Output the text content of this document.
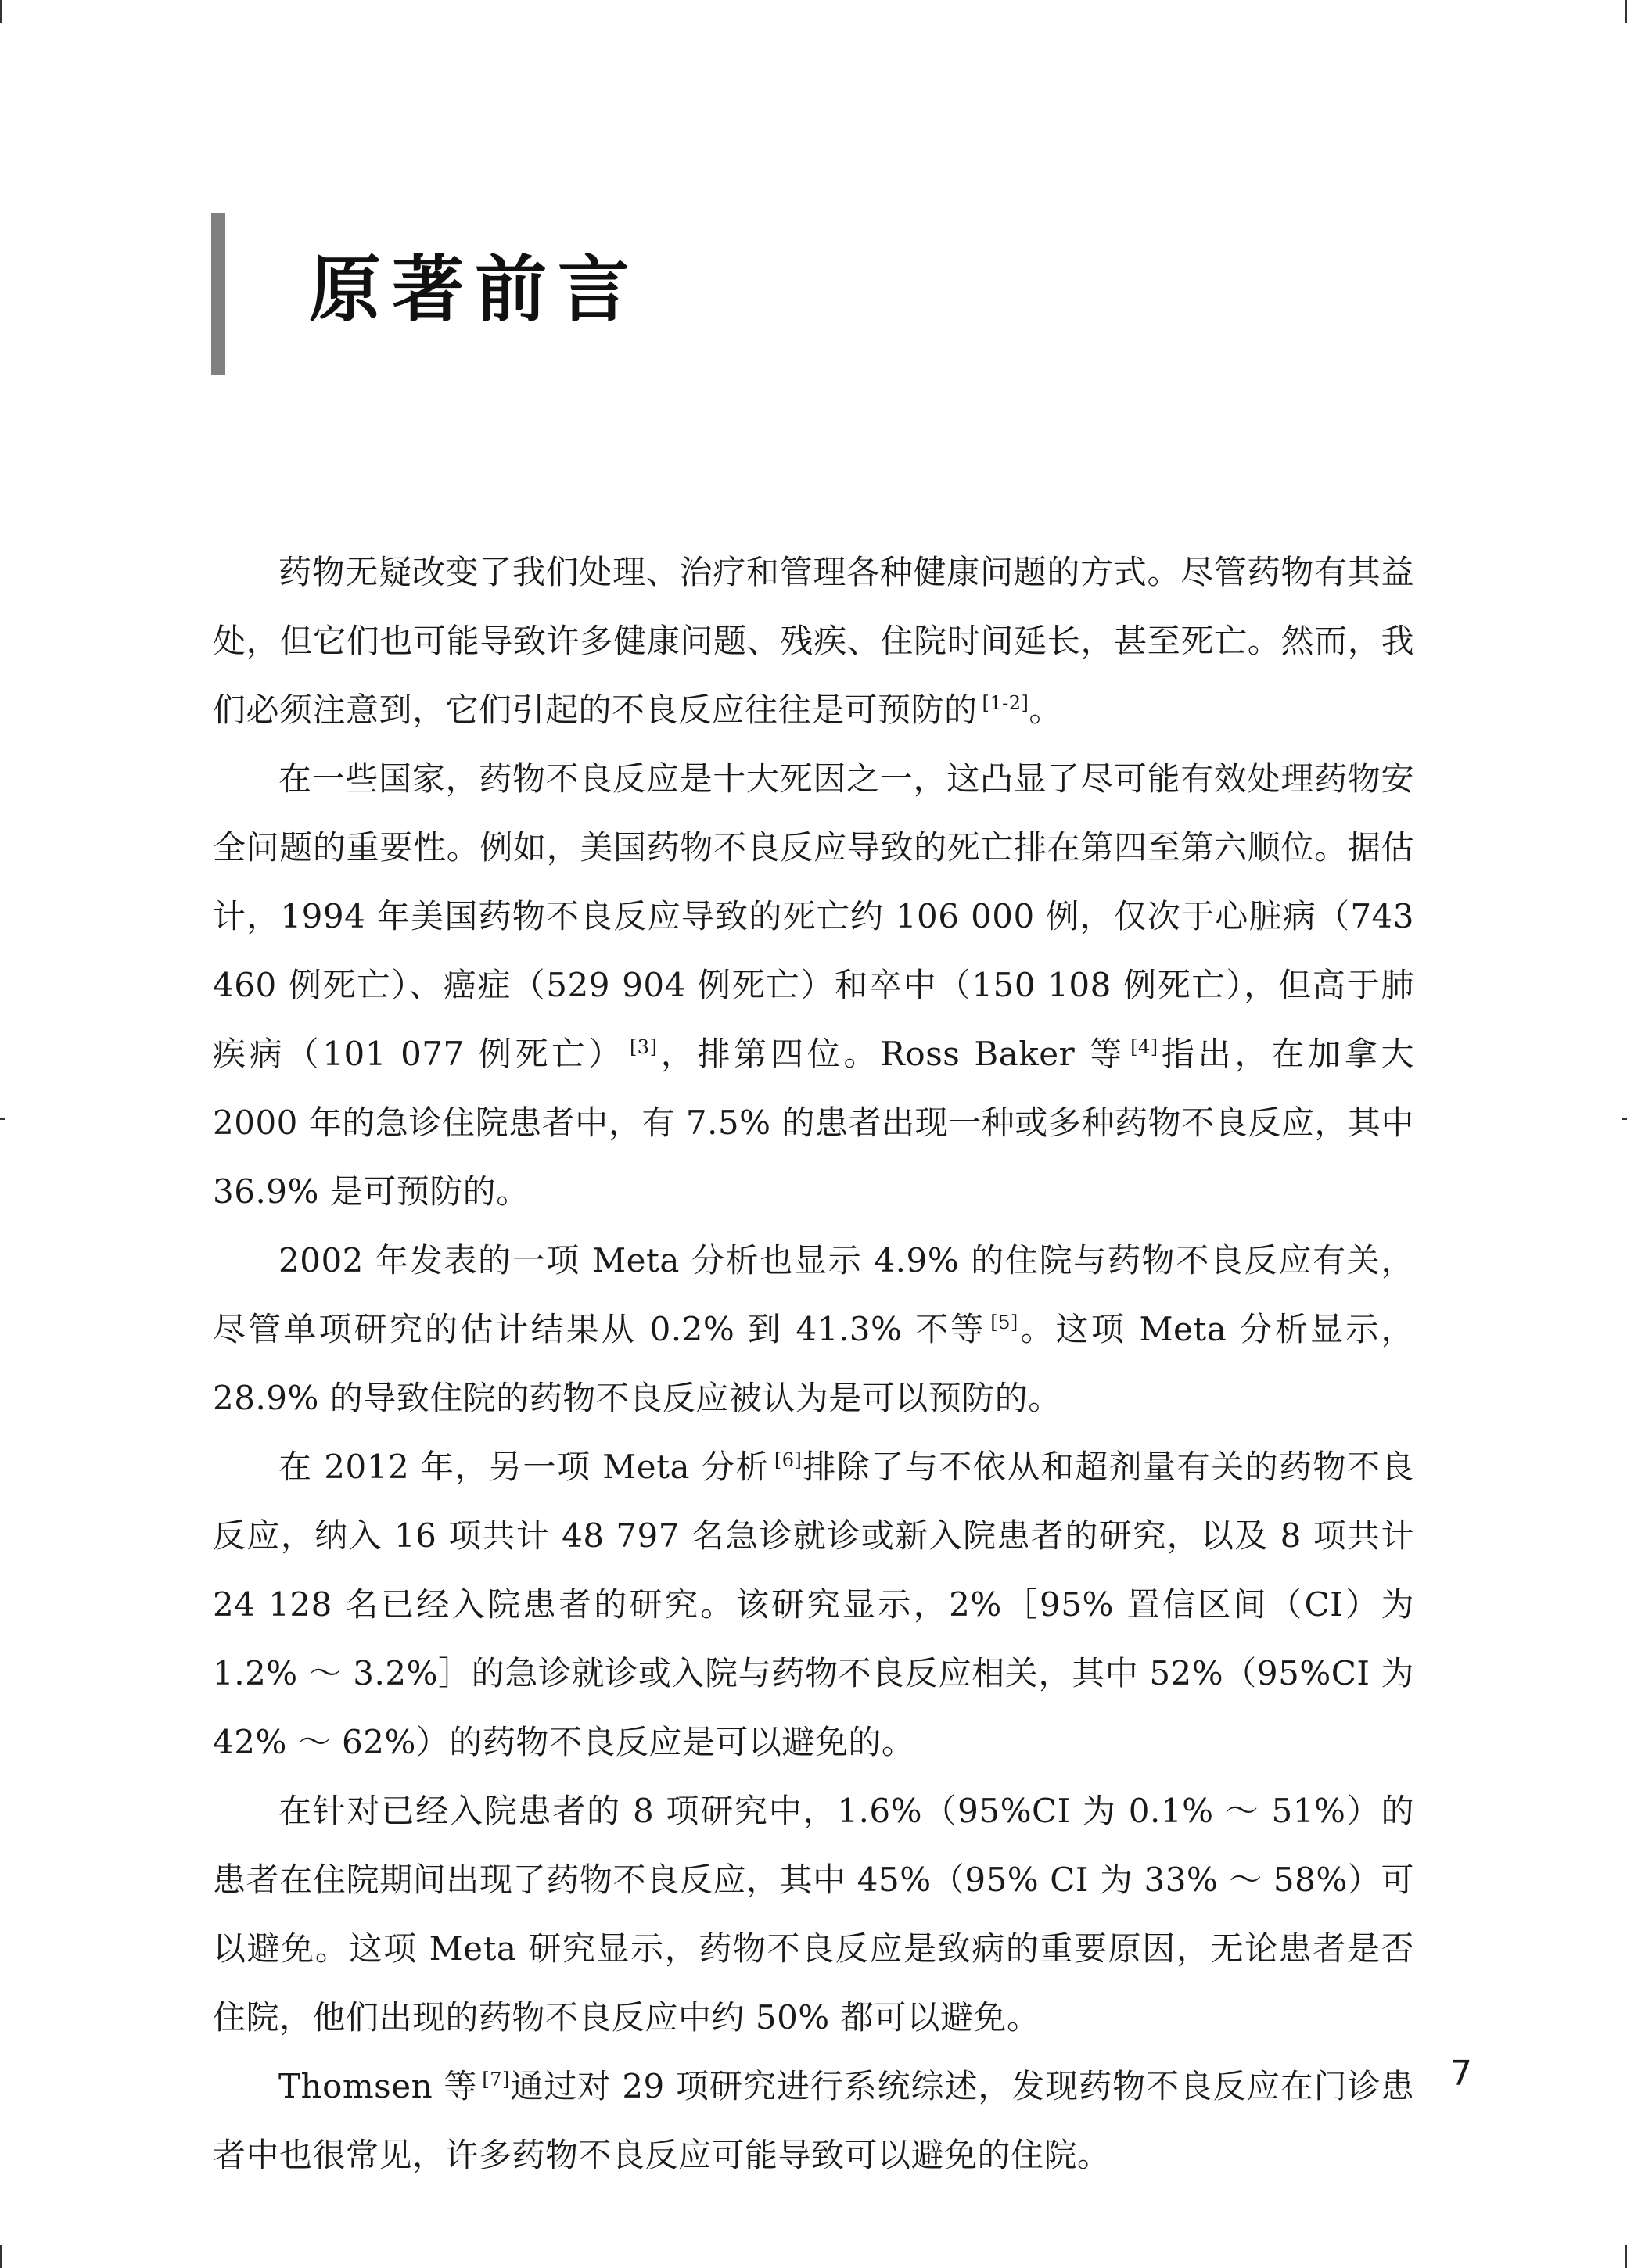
原著前言

药物无疑改变了我们处理、治疗和管理各种健康问题的方式。尽管药物有其益处，但它们也可能导致许多健康问题、残疾、住院时间延长，甚至死亡。然而，我们必须注意到，它们引起的不良反应往往是可预防的 [1-2]。

在一些国家，药物不良反应是十大死因之一，这凸显了尽可能有效处理药物安全问题的重要性。例如，美国药物不良反应导致的死亡排在第四至第六顺位。据估计，1994 年美国药物不良反应导致的死亡约 106 000 例，仅次于心脏病（743 460 例死亡）、癌症（529 904 例死亡）和卒中（150 108 例死亡），但高于肺疾病（101 077 例死亡） [3]，排第四位。Ross Baker 等 [4]指出，在加拿大 2000 年的急诊住院患者中，有 7.5% 的患者出现一种或多种药物不良反应，其中 36.9% 是可预防的。

2002 年发表的一项 Meta 分析也显示 4.9% 的住院与药物不良反应有关，尽管单项研究的估计结果从 0.2% 到 41.3% 不等 [5]。这项 Meta 分析显示，28.9% 的导致住院的药物不良反应被认为是可以预防的。

在 2012 年，另一项 Meta 分析 [6]排除了与不依从和超剂量有关的药物不良反应，纳入 16 项共计 48 797 名急诊就诊或新入院患者的研究，以及 8 项共计 24 128 名已经入院患者的研究。该研究显示，2%［95% 置信区间（CI）为 1.2% ～ 3.2%］的急诊就诊或入院与药物不良反应相关，其中 52%（95%CI 为 42% ～ 62%）的药物不良反应是可以避免的。

在针对已经入院患者的 8 项研究中，1.6%（95%CI 为 0.1% ～ 51%）的患者在住院期间出现了药物不良反应，其中 45%（95% CI 为 33% ～ 58%）可以避免。这项 Meta 研究显示，药物不良反应是致病的重要原因，无论患者是否住院，他们出现的药物不良反应中约 50% 都可以避免。

Thomsen 等 [7]通过对 29 项研究进行系统综述，发现药物不良反应在门诊患者中也很常见，许多药物不良反应可能导致可以避免的住院。

7
